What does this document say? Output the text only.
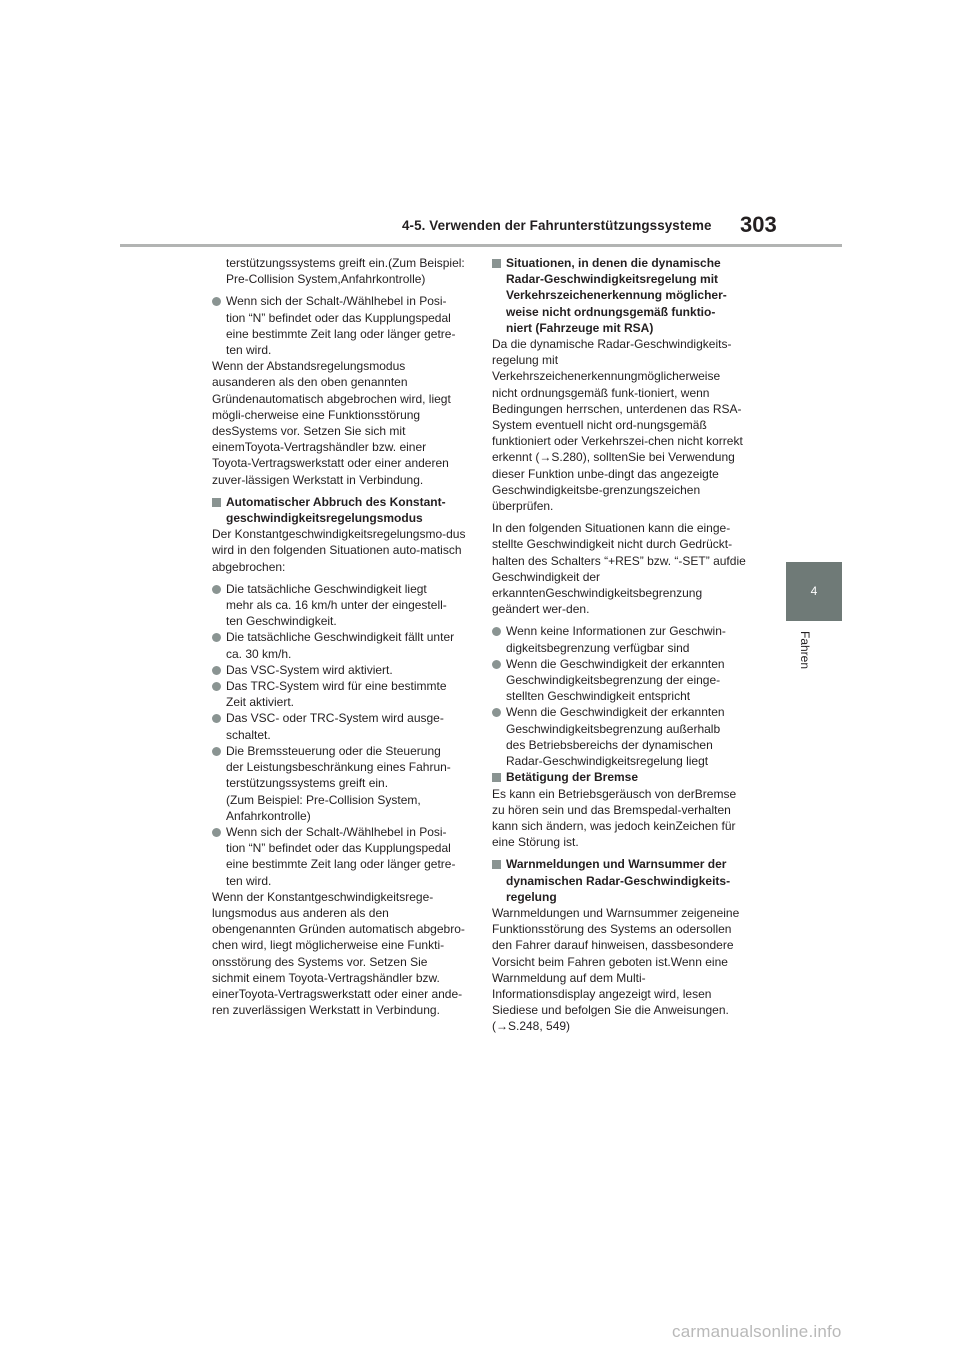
4-5. Verwenden der Fahrunterstützungssysteme 303
4
Fahren

terstützungssystems greift ein.(Zum Beispiel: Pre-Collision System,Anfahrkontrolle)

Wenn sich der Schalt-/Wählhebel in Posi-
tion “N” befindet oder das Kupplungspedal
eine bestimmte Zeit lang oder länger getre-
ten wird.

Wenn der Abstandsregelungsmodus ausanderen als den oben genannten Gründenautomatisch abgebrochen wird, liegt mögli-cherweise eine Funktionsstörung desSystems vor. Setzen Sie sich mit einemToyota-Vertragshändler bzw. einer Toyota-Vertragswerkstatt oder einer anderen zuver-lässigen Werkstatt in Verbindung.

Automatischer Abbruch des Konstant-
geschwindigkeitsregelungsmodus

Der Konstantgeschwindigkeitsregelungsmo-dus wird in den folgenden Situationen auto-matisch abgebrochen:

Die tatsächliche Geschwindigkeit liegt
mehr als ca. 16 km/h unter der eingestell-
ten Geschwindigkeit.

Die tatsächliche Geschwindigkeit fällt unter
ca. 30 km/h.

Das VSC-System wird aktiviert.

Das TRC-System wird für eine bestimmte
Zeit aktiviert.

Das VSC- oder TRC-System wird ausge-
schaltet.

Die Bremssteuerung oder die Steuerung
der Leistungsbeschränkung eines Fahrun-
terstützungssystems greift ein.
(Zum Beispiel: Pre-Collision System,
Anfahrkontrolle)

Wenn sich der Schalt-/Wählhebel in Posi-
tion “N” befindet oder das Kupplungspedal
eine bestimmte Zeit lang oder länger getre-
ten wird.

Wenn der Konstantgeschwindigkeitsrege-lungsmodus aus anderen als den obengenannten Gründen automatisch abgebro-chen wird, liegt möglicherweise eine Funkti-onsstörung des Systems vor. Setzen Sie sichmit einem Toyota-Vertragshändler bzw. einerToyota-Vertragswerkstatt oder einer ande-ren zuverlässigen Werkstatt in Verbindung.

Situationen, in denen die dynamische
Radar-Geschwindigkeitsregelung mit
Verkehrszeichenerkennung möglicher-
weise nicht ordnungsgemäß funktio-
niert (Fahrzeuge mit RSA)

Da die dynamische Radar-Geschwindigkeits-regelung mit Verkehrszeichenerkennungmöglicherweise nicht ordnungsgemäß funk-tioniert, wenn Bedingungen herrschen, unterdenen das RSA-System eventuell nicht ord-nungsgemäß funktioniert oder Verkehrszei-chen nicht korrekt erkennt (→S.280), solltenSie bei Verwendung dieser Funktion unbe-dingt das angezeigte Geschwindigkeitsbe-grenzungszeichen überprüfen.

In den folgenden Situationen kann die einge-stellte Geschwindigkeit nicht durch Gedrückt-halten des Schalters “+RES” bzw. “-SET” aufdie Geschwindigkeit der erkanntenGeschwindigkeitsbegrenzung geändert wer-den.

Wenn keine Informationen zur Geschwin-
digkeitsbegrenzung verfügbar sind

Wenn die Geschwindigkeit der erkannten
Geschwindigkeitsbegrenzung der einge-
stellten Geschwindigkeit entspricht

Wenn die Geschwindigkeit der erkannten
Geschwindigkeitsbegrenzung außerhalb
des Betriebsbereichs der dynamischen
Radar-Geschwindigkeitsregelung liegt

Betätigung der Bremse

Es kann ein Betriebsgeräusch von derBremse zu hören sein und das Bremspedal-verhalten kann sich ändern, was jedoch keinZeichen für eine Störung ist.

Warnmeldungen und Warnsummer der
dynamischen Radar-Geschwindigkeits-
regelung

Warnmeldungen und Warnsummer zeigeneine Funktionsstörung des Systems an odersollen den Fahrer darauf hinweisen, dassbesondere Vorsicht beim Fahren geboten ist.Wenn eine Warnmeldung auf dem Multi-Informationsdisplay angezeigt wird, lesen Siediese und befolgen Sie die Anweisungen.(→S.248, 549)

carmanualsonline.info
